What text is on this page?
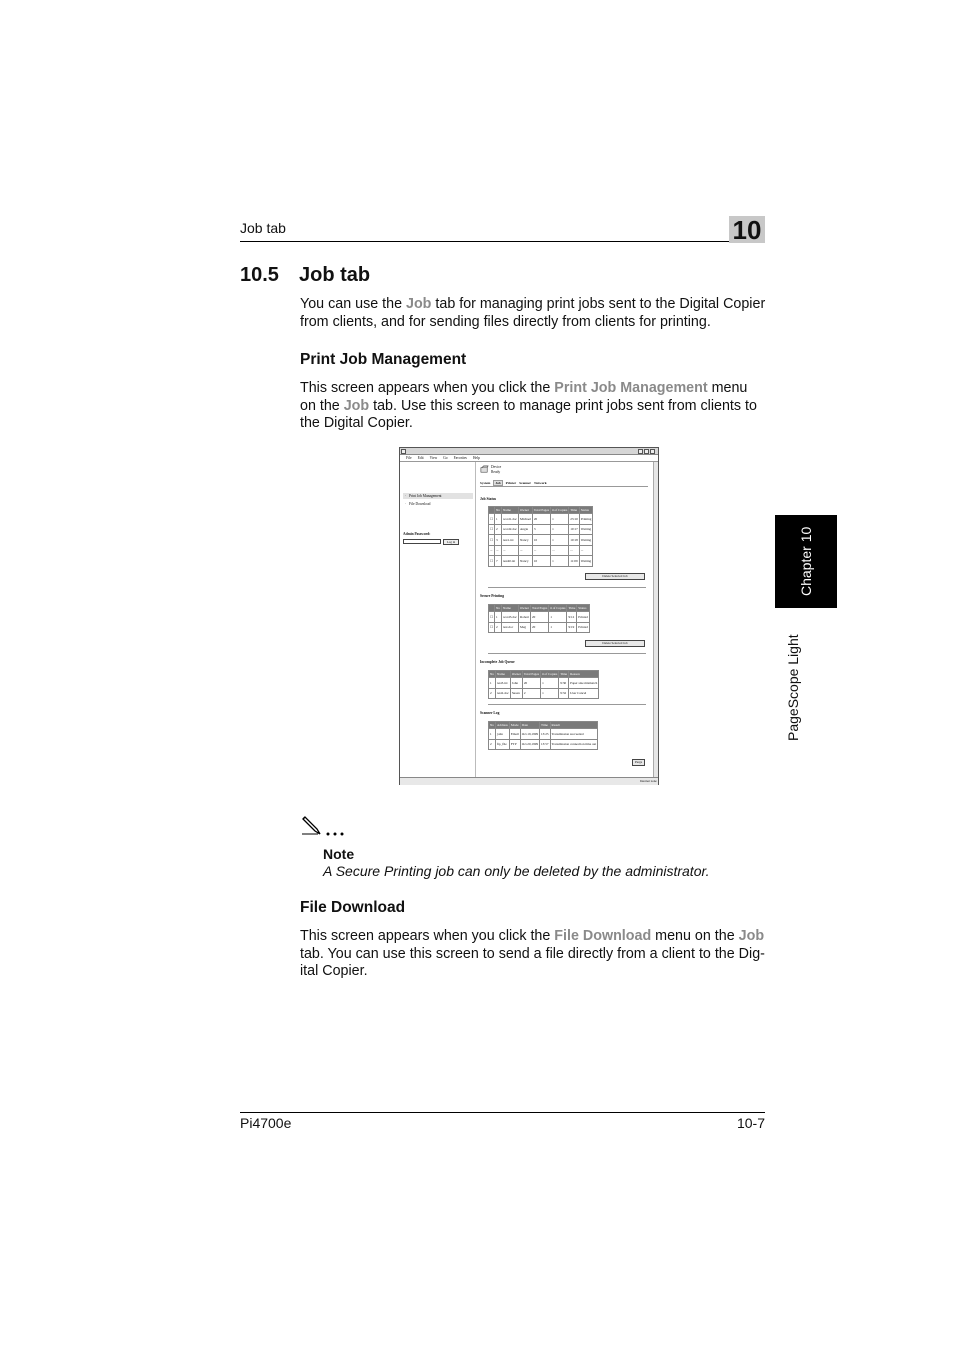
Job tab	10
10.5 Job tab
You can use the Job tab for managing print jobs sent to the Digital Copier from clients, and for sending files directly from clients for printing.
Print Job Management
This screen appears when you click the Print Job Management menu on the Job tab. Use this screen to manage print jobs sent from clients to the Digital Copier.
File Edit View Go Favorites Help
· Print Job Management
· File Download
Admin Password:
Log in
Device
Ready
System Job Printer Scanner Network
Job Status
	No	Name	Owner	Total Pages	# of Copies	Time	Status
☐	1	word1.doc	Michael	20	1	23:10	Printing
☐	2	word2.doc	Angie	3	1	10:17	Waiting
☐	3	test1.txt	Nancy	10	1	10:18	Waiting
...	...	...	...	...	...	...	...
☐	7	test40.txt	Nancy	10	1	11:09	Waiting
Delete Selected Job
Secure Printing
	No	Name	Owner	Total Pages	# of Copies	Time	Status
☐	1	word3.doc	Robert	20	1	9:12	Printed
☐	2	test.doc	Meg	20	1	9:19	Printed
Delete Selected Job
Incomplete Job Queue
No	Name	Owner	Total Pages	# of Copies	Time	Reason
1	test3.txt	John	20	1	9:30	Paper size mismatch
2	test2.doc	Susan	2	1	9:32	User Cancel
Scanner Log
No	Address	Mode	Date	Time	Result
1	john	Email	Oct.19,1999	13:25	Transmission succeeded
2	ftp_file	FTP	Oct.20,1999	13:57	Transmission connection time out
Purge
Internet zone
Note
A Secure Printing job can only be deleted by the administrator.
File Download
This screen appears when you click the File Download menu on the Job tab. You can use this screen to send a file directly from a client to the Dig-ital Copier.
Chapter 10
PageScope Light
Pi4700e	10-7
